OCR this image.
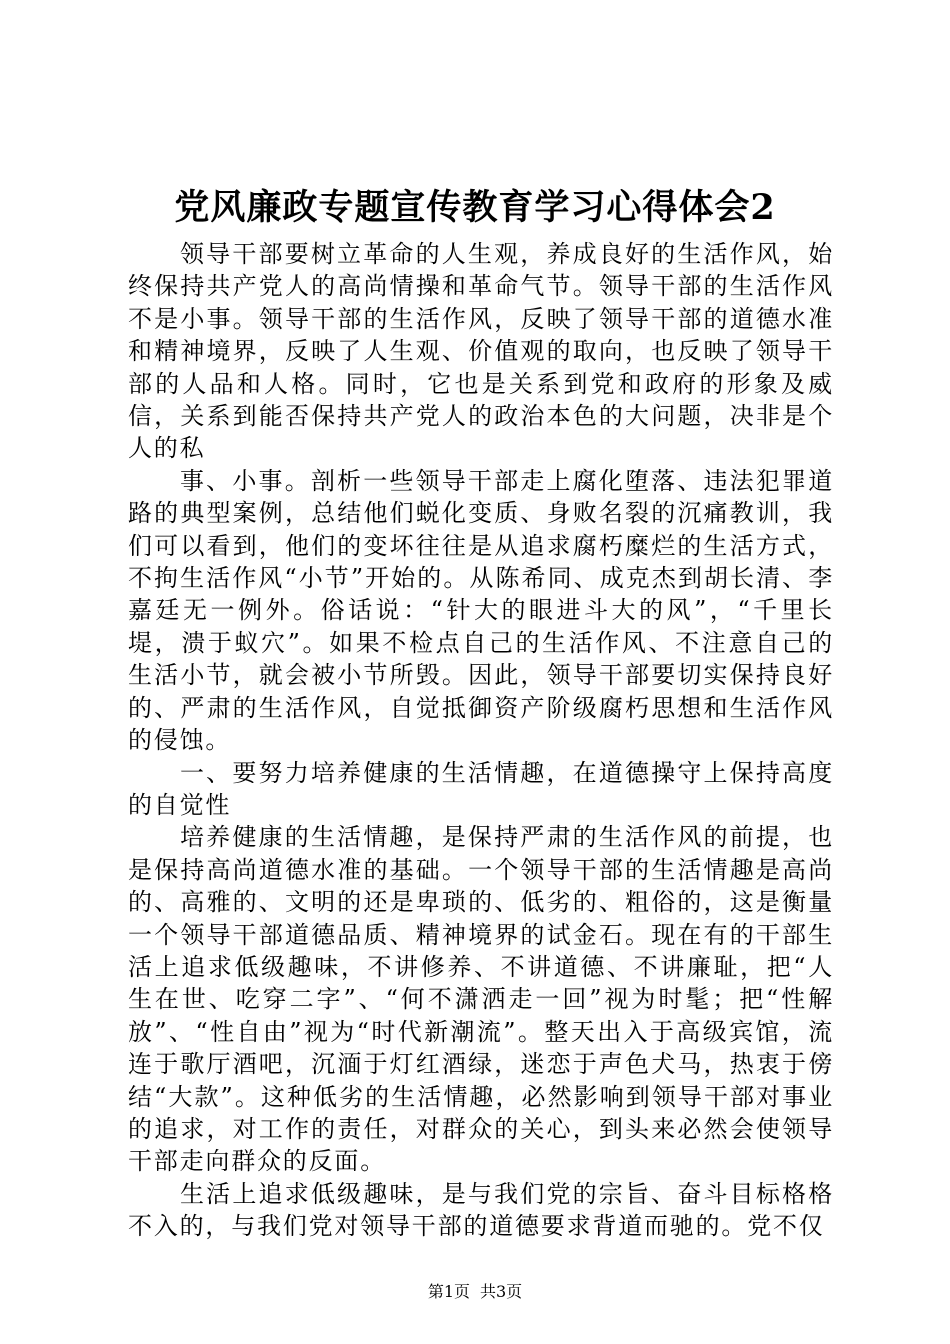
党风廉政专题宣传教育学习心得体会2

领导干部要树立革命的人生观，养成良好的生活作风，始终保持共产党人的高尚情操和革命气节。领导干部的生活作风不是小事。领导干部的生活作风，反映了领导干部的道德水准和精神境界，反映了人生观、价值观的取向，也反映了领导干部的人品和人格。同时，它也是关系到党和政府的形象及威信，关系到能否保持共产党人的政治本色的大问题，决非是个人的私

事、小事。剖析一些领导干部走上腐化堕落、违法犯罪道路的典型案例，总结他们蜕化变质、身败名裂的沉痛教训，我们可以看到，他们的变坏往往是从追求腐朽糜烂的生活方式，不拘生活作风“小节”开始的。从陈希同、成克杰到胡长清、李嘉廷无一例外。俗话说：“针大的眼进斗大的风”，“千里长堤，溃于蚁穴”。如果不检点自己的生活作风、不注意自己的生活小节，就会被小节所毁。因此，领导干部要切实保持良好的、严肃的生活作风，自觉抵御资产阶级腐朽思想和生活作风的侵蚀。

一、要努力培养健康的生活情趣，在道德操守上保持高度的自觉性

培养健康的生活情趣，是保持严肃的生活作风的前提，也是保持高尚道德水准的基础。一个领导干部的生活情趣是高尚的、高雅的、文明的还是卑琐的、低劣的、粗俗的，这是衡量一个领导干部道德品质、精神境界的试金石。现在有的干部生活上追求低级趣味，不讲修养、不讲道德、不讲廉耻，把“人生在世、吃穿二字”、“何不潇洒走一回”视为时髦；把“性解放”、“性自由”视为“时代新潮流”。整天出入于高级宾馆，流连于歌厅酒吧，沉湎于灯红酒绿，迷恋于声色犬马，热衷于傍结“大款”。这种低劣的生活情趣，必然影响到领导干部对事业的追求，对工作的责任，对群众的关心，到头来必然会使领导干部走向群众的反面。

生活上追求低级趣味，是与我们党的宗旨、奋斗目标格格不入的，与我们党对领导干部的道德要求背道而驰的。党不仅

第1页 共3页
